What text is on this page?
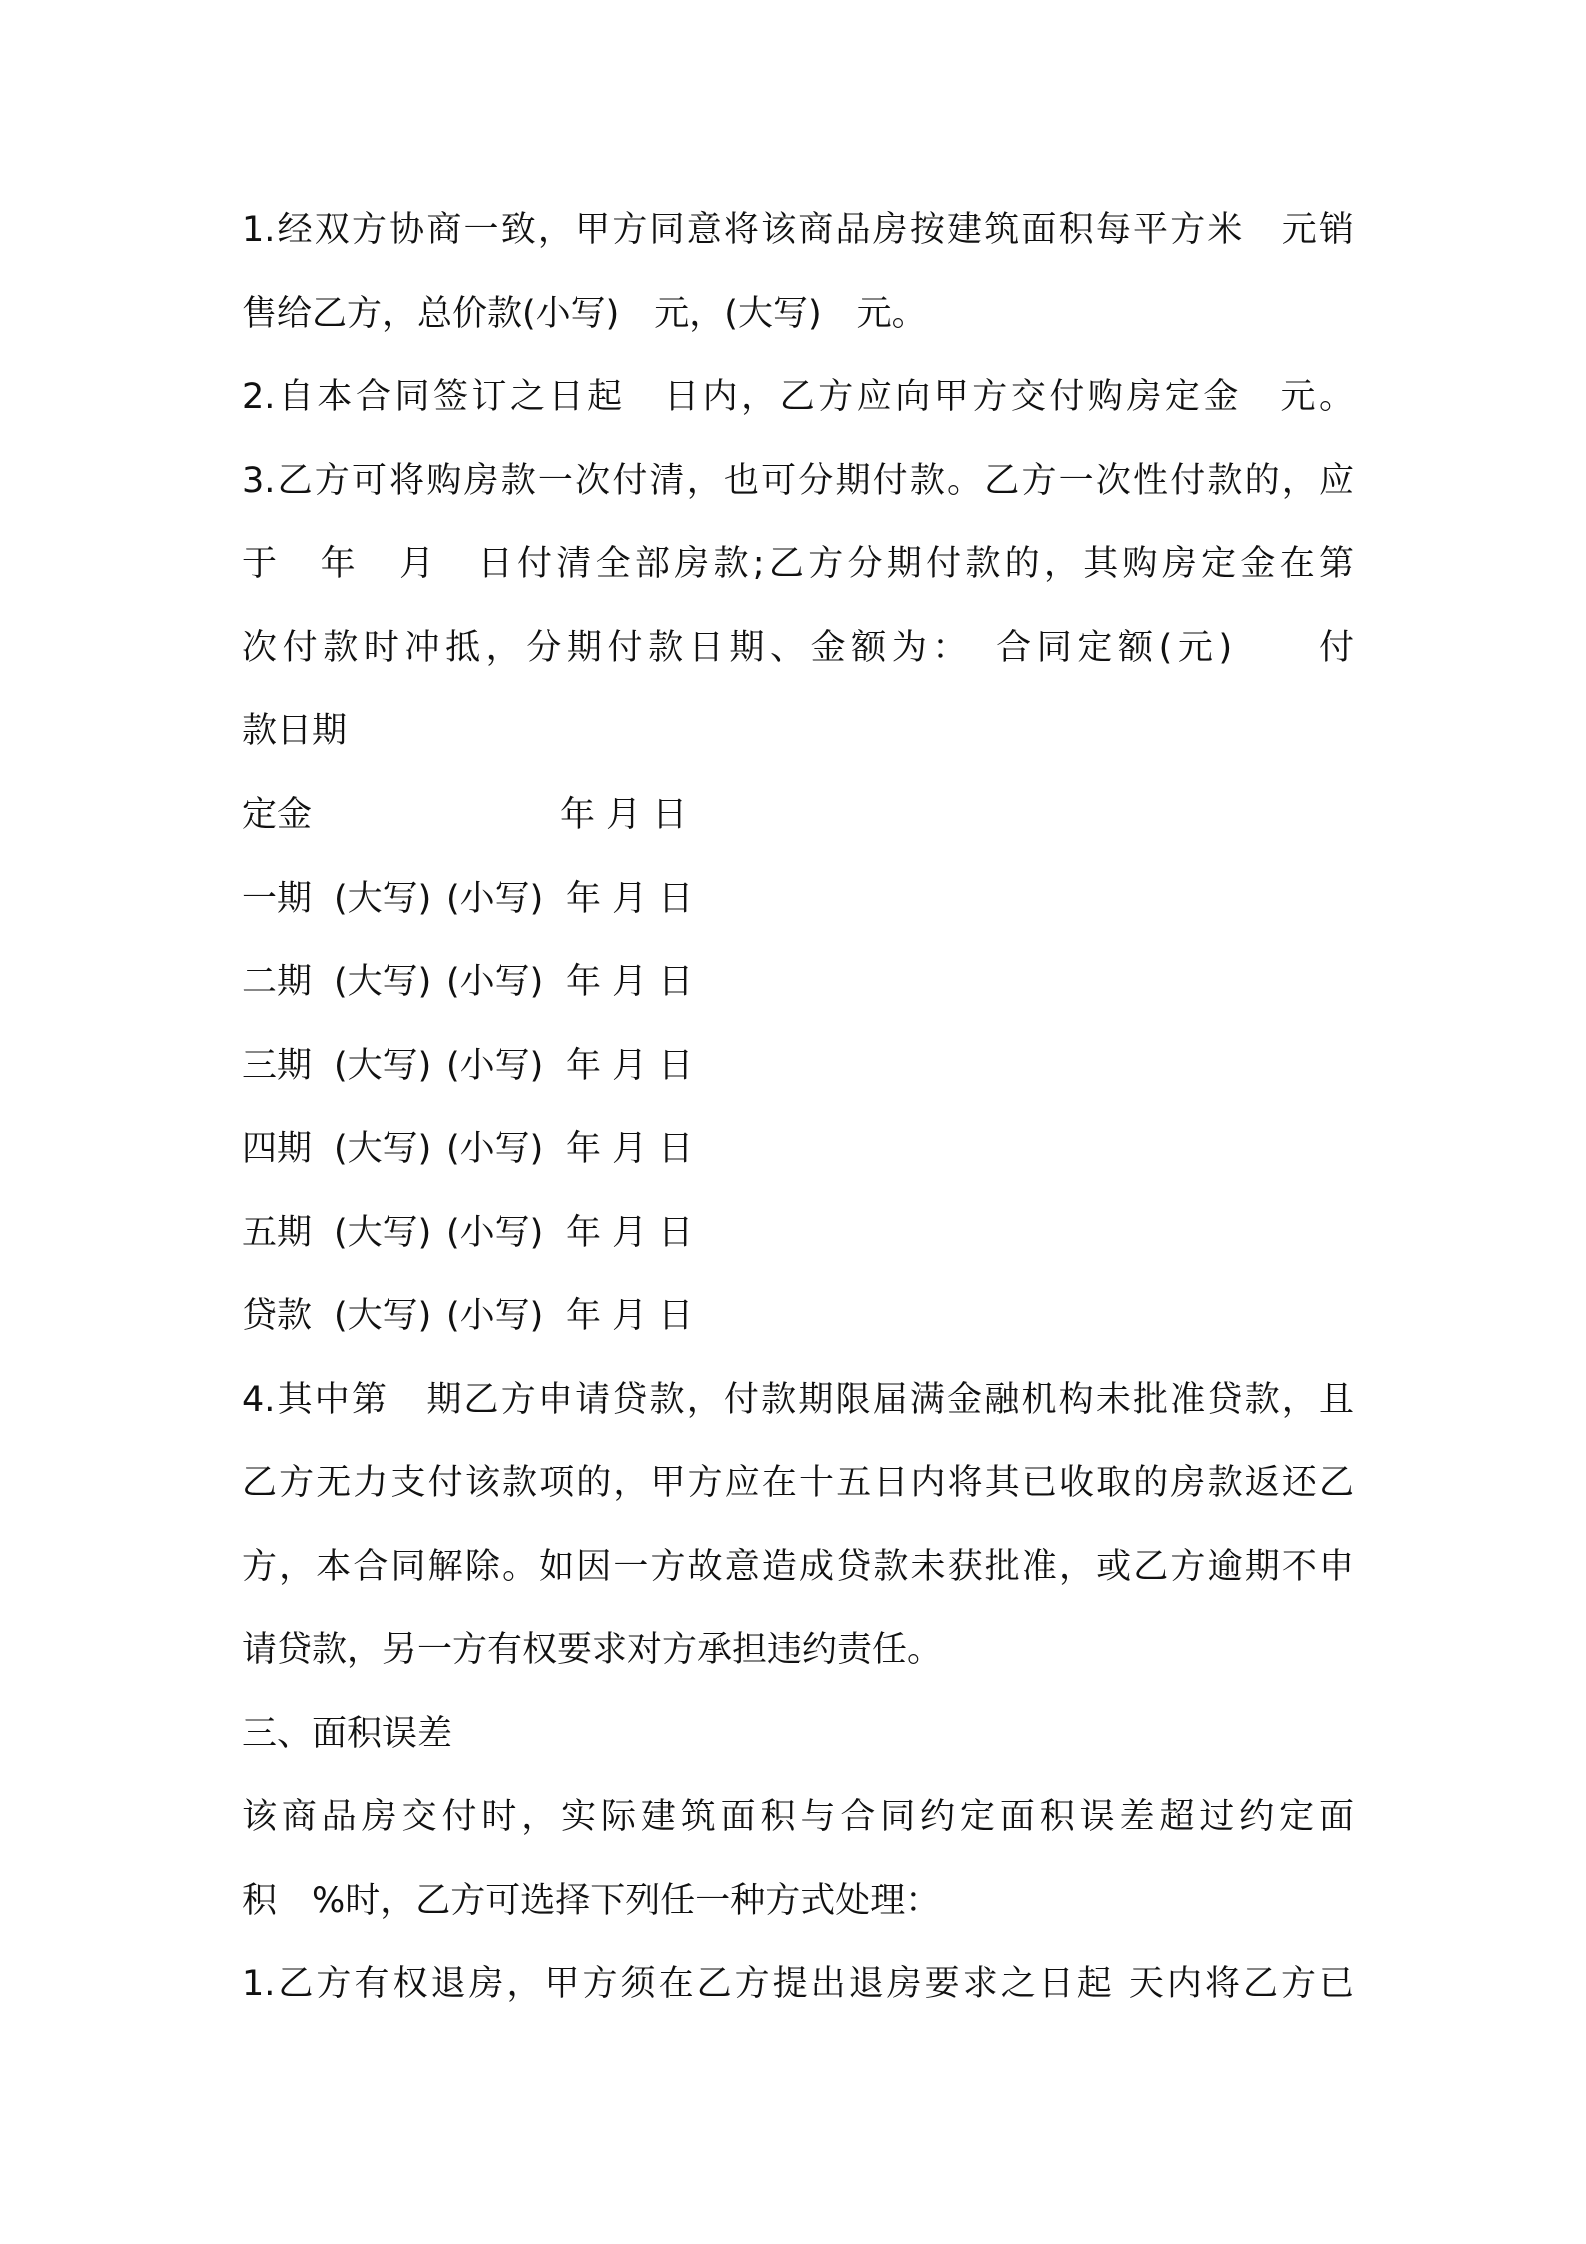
1.经双方协商一致，甲方同意将该商品房按建筑面积每平方米　元销
售给乙方，总价款(小写)　元，(大写)　元。
2.自本合同签订之日起　日内，乙方应向甲方交付购房定金　元。
3.乙方可将购房款一次付清，也可分期付款。乙方一次性付款的，应
于　年　月　日付清全部房款;乙方分期付款的，其购房定金在第
次付款时冲抵，分期付款日期、金额为：　合同定额(元)　　付
款日期
定金	年 月 日
一期 (大写) (小写) 年 月 日
二期 (大写) (小写) 年 月 日
三期 (大写) (小写) 年 月 日
四期 (大写) (小写) 年 月 日
五期 (大写) (小写) 年 月 日
贷款 (大写) (小写) 年 月 日
4.其中第　期乙方申请贷款，付款期限届满金融机构未批准贷款，且
乙方无力支付该款项的，甲方应在十五日内将其已收取的房款返还乙
方，本合同解除。如因一方故意造成贷款未获批准，或乙方逾期不申
请贷款，另一方有权要求对方承担违约责任。
三、面积误差
该商品房交付时，实际建筑面积与合同约定面积误差超过约定面
积　%时，乙方可选择下列任一种方式处理：
1.乙方有权退房，甲方须在乙方提出退房要求之日起 天内将乙方已
